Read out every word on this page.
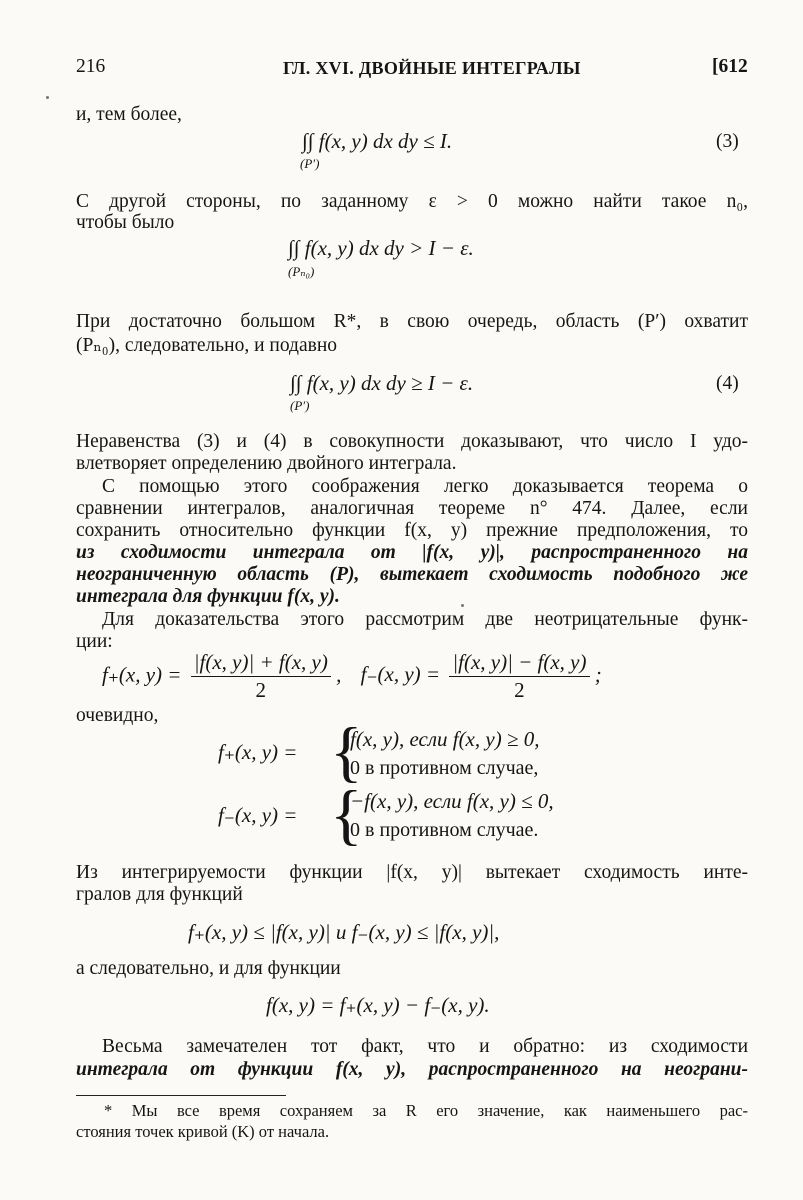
216	ГЛ. XVI. ДВОЙНЫЕ ИНТЕГРАЛЫ	[612
и, тем более,
∫∫ f(x, y) dx dy ≤ I.
(P′)
(3)
С другой стороны, по заданному ε > 0 можно найти такое n₀,
чтобы было
∫∫ f(x, y) dx dy > I − ε.
(Pₙ₀)
При достаточно большом R*, в свою очередь, область (P′) охватит
(Pₙ₀), следовательно, и подавно
∫∫ f(x, y) dx dy ≥ I − ε.
(P′)
(4)
Неравенства (3) и (4) в совокупности доказывают, что число I удо-
влетворяет определению двойного интеграла.
С помощью этого соображения легко доказывается теорема о
сравнении интегралов, аналогичная теореме n° 474. Далее, если
сохранить относительно функции f(x, y) прежние предположения, то
из сходимости интеграла от |f(x, y)|, распространенного на
неограниченную область (P), вытекает сходимость подобного же
интеграла для функции f(x, y).
Для доказательства этого рассмотрим две неотрицательные функ-
ции:
f₊(x, $y) = \frac{|f(x, y)| + f(x, y)}{2}$ , f₋(x, $y) = \frac{|f(x, y)| - f(x, y)}{2}$ ;
очевидно,
f₊(x, y) = {
f(x, y), если f(x, y) ≥ 0,
0 в противном случае,
f₋(x, y) = {
−f(x, y), если f(x, y) ≤ 0,
0 в противном случае.
Из интегрируемости функции |f(x, y)| вытекает сходимость инте-
гралов для функций
f₊(x, y) ≤ |f(x, y)| и f₋(x, y) ≤ |f(x, y)|,
а следовательно, и для функции
f(x, y) = f₊(x, y) − f₋(x, y).
Весьма замечателен тот факт, что и обратно: из сходимости
интеграла от функции f(x, y), распространенного на неограни-
* Мы все время сохраняем за R его значение, как наименьшего рас-
стояния точек кривой (K) от начала.
